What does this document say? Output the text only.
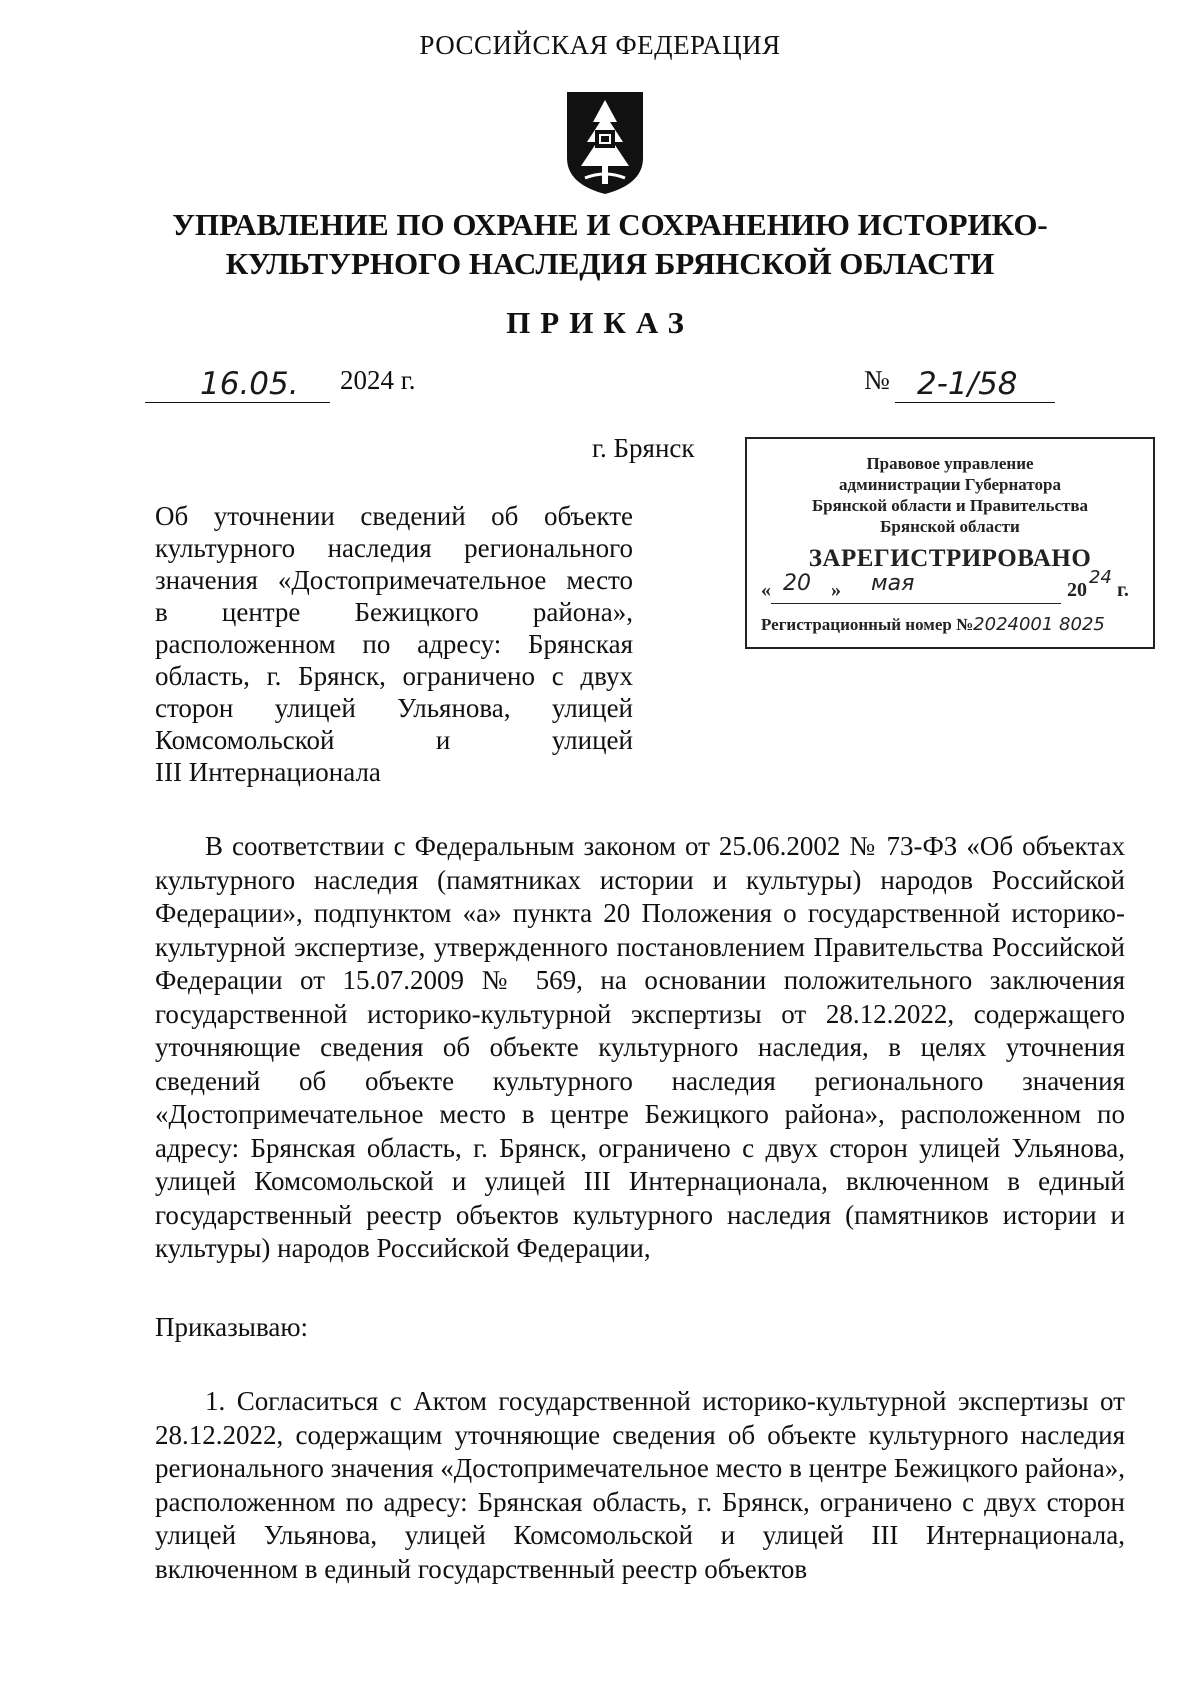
РОССИЙСКАЯ ФЕДЕРАЦИЯ
УПРАВЛЕНИЕ ПО ОХРАНЕ И СОХРАНЕНИЮ ИСТОРИКО-КУЛЬТУРНОГО НАСЛЕДИЯ БРЯНСКОЙ ОБЛАСТИ
ПРИКАЗ
16.05. 2024 г.	№ 2-1/58
г. Брянск
Правовое управление
администрации Губернатора
Брянской области и Правительства
Брянской области
ЗАРЕГИСТРИРОВАНО
« 20 » мая	20
24
г.
Регистрационный номер №2024001 8025
Об уточнении сведений об объекте
культурного наследия регионального
значения «Достопримечательное место
в центре Бежицкого района»,
расположенном по адресу: Брянская
область, г. Брянск, ограничено с двух
сторон улицей Ульянова, улицей
Комсомольской и улицей
III Интернационала
В соответствии с Федеральным законом от 25.06.2002 № 73-ФЗ «Об объектах культурного наследия (памятниках истории и культуры) народов Российской Федерации», подпунктом «а» пункта 20 Положения о государственной историко-культурной экспертизе, утвержденного постановлением Правительства Российской Федерации от 15.07.2009 № 569, на основании положительного заключения государственной историко-культурной экспертизы от 28.12.2022, содержащего уточняющие сведения об объекте культурного наследия, в целях уточнения сведений об объекте культурного наследия регионального значения «Достопримечательное место в центре Бежицкого района», расположенном по адресу: Брянская область, г. Брянск, ограничено с двух сторон улицей Ульянова, улицей Комсомольской и улицей III Интернационала, включенном в единый государственный реестр объектов культурного наследия (памятников истории и культуры) народов Российской Федерации,
Приказываю:
1. Согласиться с Актом государственной историко-культурной экспертизы от 28.12.2022, содержащим уточняющие сведения об объекте культурного наследия регионального значения «Достопримечательное место в центре Бежицкого района», расположенном по адресу: Брянская область, г. Брянск, ограничено с двух сторон улицей Ульянова, улицей Комсомольской и улицей III Интернационала, включенном в единый государственный реестр объектов
